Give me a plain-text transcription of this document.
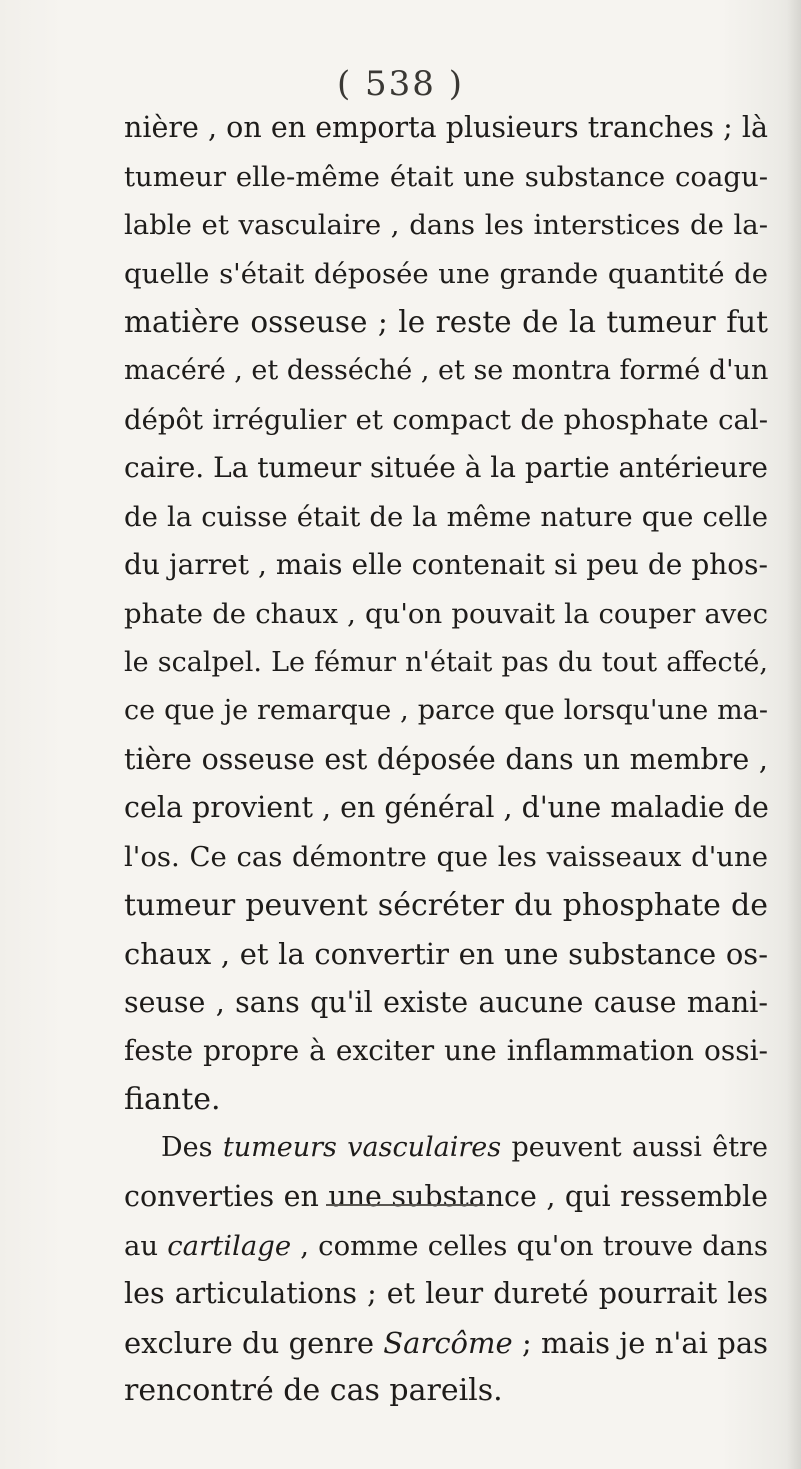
( 538 )
nière , on en emporta plusieurs tranches ; là
tumeur elle-même était une substance coagu-
lable et vasculaire , dans les interstices de la-
quelle s'était déposée une grande quantité de
matière osseuse ; le reste de la tumeur fut
macéré , et desséché , et se montra formé d'un
dépôt irrégulier et compact de phosphate cal-
caire. La tumeur située à la partie antérieure
de la cuisse était de la même nature que celle
du jarret , mais elle contenait si peu de phos-
phate de chaux , qu'on pouvait la couper avec
le scalpel. Le fémur n'était pas du tout affecté,
ce que je remarque , parce que lorsqu'une ma-
tière osseuse est déposée dans un membre ,
cela provient , en général , d'une maladie de
l'os. Ce cas démontre que les vaisseaux d'une
tumeur peuvent sécréter du phosphate de
chaux , et la convertir en une substance os-
seuse , sans qu'il existe aucune cause mani-
feste propre à exciter une inflammation ossi-
fiante.
Des tumeurs vasculaires peuvent aussi être
converties en une substance , qui ressemble
au cartilage , comme celles qu'on trouve dans
les articulations ; et leur dureté pourrait les
exclure du genre Sarcôme ; mais je n'ai pas
rencontré de cas pareils.
